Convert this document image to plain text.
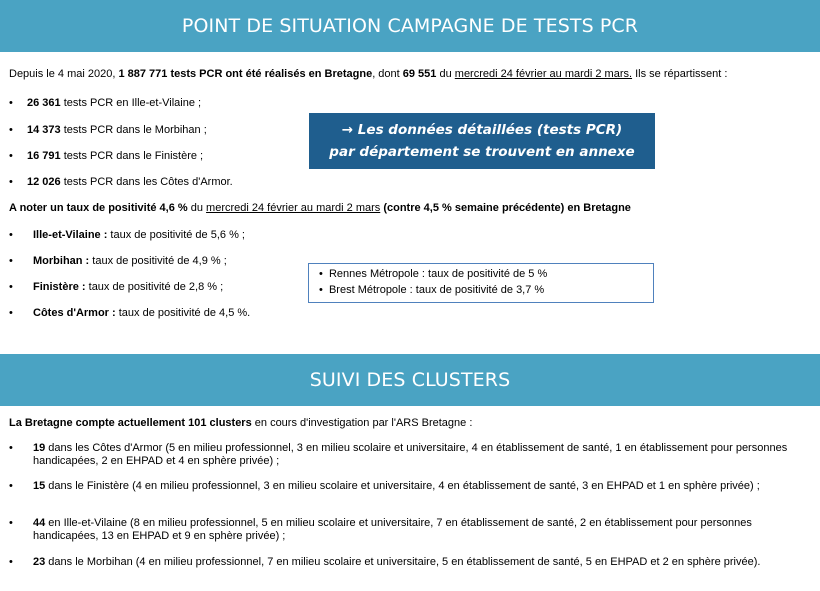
POINT DE SITUATION CAMPAGNE DE TESTS PCR
Depuis le 4 mai 2020, 1 887 771 tests PCR ont été réalisés en Bretagne, dont 69 551 du mercredi 24 février au mardi 2 mars. Ils se répartissent :
• 26 361 tests PCR en Ille-et-Vilaine ;
• 14 373 tests PCR dans le Morbihan ;
• 16 791 tests PCR dans le Finistère ;
• 12 026 tests PCR dans les Côtes d'Armor.
→ Les données détaillées (tests PCR)
par département se trouvent en annexe
A noter un taux de positivité 4,6 % du mercredi 24 février au mardi 2 mars (contre 4,5 % semaine précédente) en Bretagne
• Ille-et-Vilaine : taux de positivité de 5,6 % ;
• Morbihan : taux de positivité de 4,9 % ;
• Finistère : taux de positivité de 2,8 % ;
• Côtes d'Armor : taux de positivité de 4,5 %.
•  Rennes Métropole : taux de positivité de 5 %
•  Brest Métropole : taux de positivité de 3,7 %
SUIVI DES CLUSTERS
La Bretagne compte actuellement 101 clusters en cours d'investigation par l'ARS Bretagne :
• 19 dans les Côtes d'Armor (5 en milieu professionnel, 3 en milieu scolaire et universitaire, 4 en établissement de santé, 1 en établissement pour personnes handicapées, 2 en EHPAD et 4 en sphère privée) ;
• 15 dans le Finistère (4 en milieu professionnel, 3 en milieu scolaire et universitaire, 4 en établissement de santé, 3 en EHPAD et 1 en sphère privée) ;
• 44 en Ille-et-Vilaine (8 en milieu professionnel, 5 en milieu scolaire et universitaire, 7 en établissement de santé, 2 en établissement pour personnes handicapées, 13 en EHPAD et 9 en sphère privée) ;
• 23 dans le Morbihan (4 en milieu professionnel, 7 en milieu scolaire et universitaire, 5 en établissement de santé, 5 en EHPAD et 2 en sphère privée).
